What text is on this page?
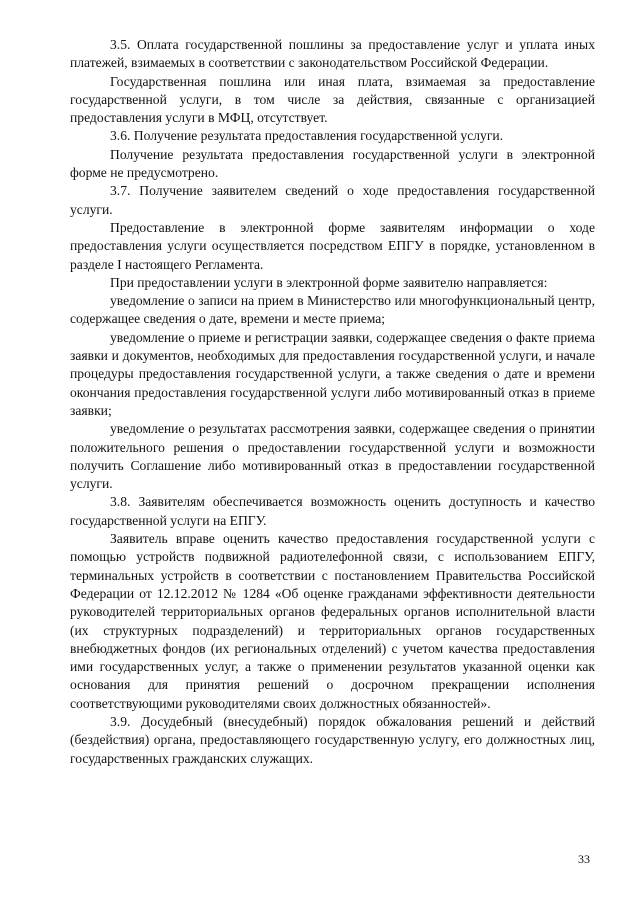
3.5. Оплата государственной пошлины за предоставление услуг и уплата иных платежей, взимаемых в соответствии с законодательством Российской Федерации.

Государственная пошлина или иная плата, взимаемая за предоставление государственной услуги, в том числе за действия, связанные с организацией предоставления услуги в МФЦ, отсутствует.

3.6. Получение результата предоставления государственной услуги.

Получение результата предоставления государственной услуги в электронной форме не предусмотрено.

3.7. Получение заявителем сведений о ходе предоставления государственной услуги.

Предоставление в электронной форме заявителям информации о ходе предоставления услуги осуществляется посредством ЕПГУ в порядке, установленном в разделе I настоящего Регламента.

При предоставлении услуги в электронной форме заявителю направляется:

уведомление о записи на прием в Министерство или многофункциональный центр, содержащее сведения о дате, времени и месте приема;

уведомление о приеме и регистрации заявки, содержащее сведения о факте приема заявки и документов, необходимых для предоставления государственной услуги, и начале процедуры предоставления государственной услуги, а также сведения о дате и времени окончания предоставления государственной услуги либо мотивированный отказ в приеме заявки;

уведомление о результатах рассмотрения заявки, содержащее сведения о принятии положительного решения о предоставлении государственной услуги и возможности получить Соглашение либо мотивированный отказ в предоставлении государственной услуги.

3.8. Заявителям обеспечивается возможность оценить доступность и качество государственной услуги на ЕПГУ.

Заявитель вправе оценить качество предоставления государственной услуги с помощью устройств подвижной радиотелефонной связи, с использованием ЕПГУ, терминальных устройств в соответствии с постановлением Правительства Российской Федерации от 12.12.2012 № 1284 «Об оценке гражданами эффективности деятельности руководителей территориальных органов федеральных органов исполнительной власти (их структурных подразделений) и территориальных органов государственных внебюджетных фондов (их региональных отделений) с учетом качества предоставления ими государственных услуг, а также о применении результатов указанной оценки как основания для принятия решений о досрочном прекращении исполнения соответствующими руководителями своих должностных обязанностей».

3.9. Досудебный (внесудебный) порядок обжалования решений и действий (бездействия) органа, предоставляющего государственную услугу, его должностных лиц, государственных гражданских служащих.

33
